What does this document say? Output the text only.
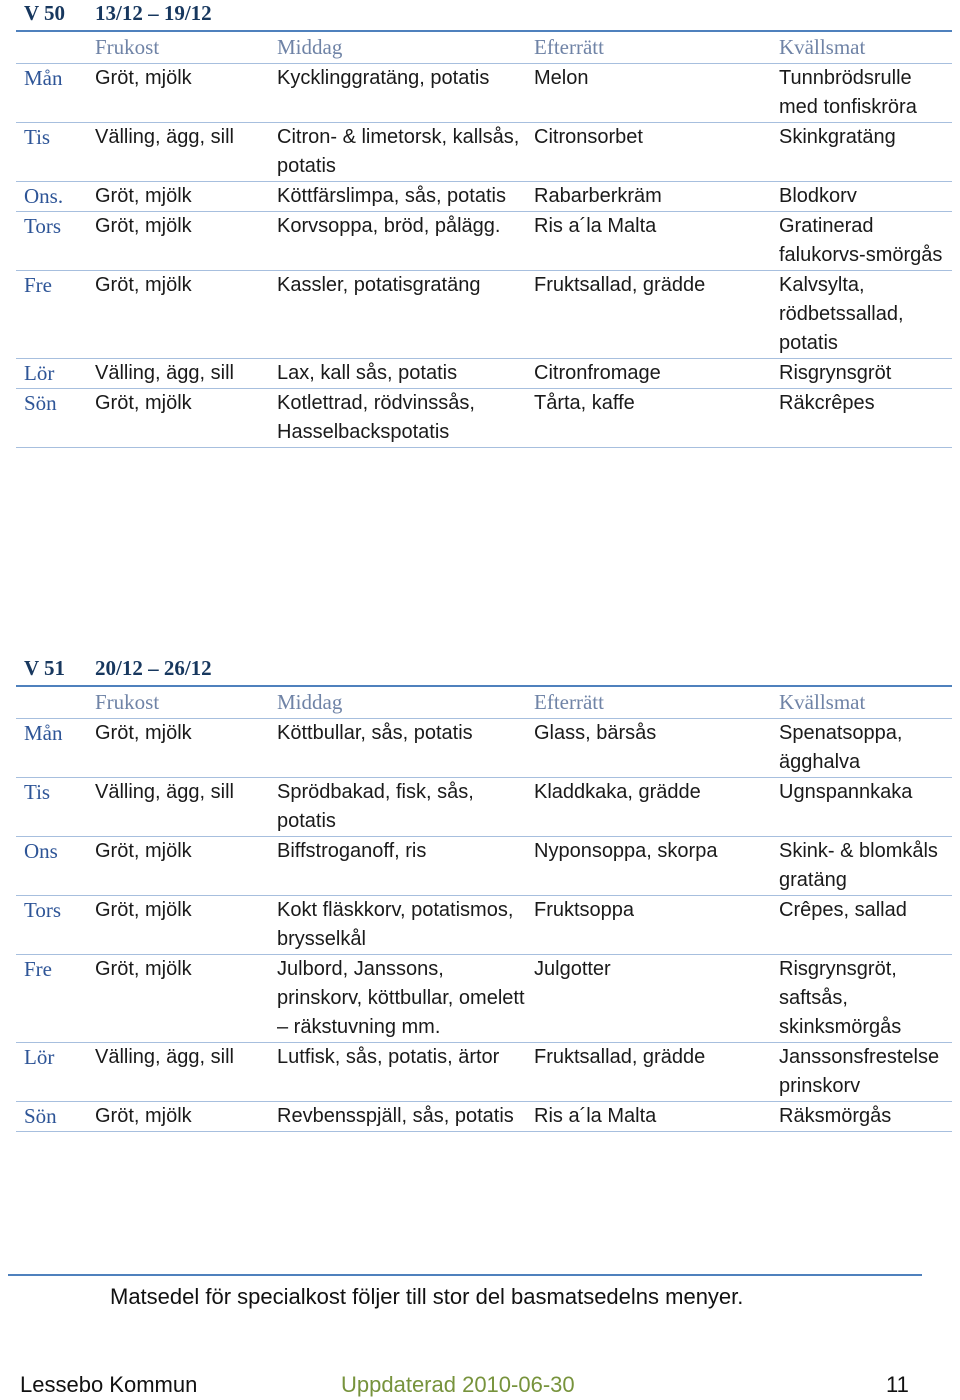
V 50 13/12 – 19/12
	Frukost	Middag	Efterrätt	Kvällsmat
Mån	Gröt, mjölk	Kycklinggratäng, potatis	Melon	Tunnbrödsrulle med tonfiskröra
Tis	Välling, ägg, sill	Citron- & limetorsk, kallsås, potatis	Citronsorbet	Skinkgratäng
Ons.	Gröt, mjölk	Köttfärslimpa, sås, potatis	Rabarberkräm	Blodkorv
Tors	Gröt, mjölk	Korvsoppa, bröd, pålägg.	Ris a´la Malta	Gratinerad falukorvs-smörgås
Fre	Gröt, mjölk	Kassler, potatisgratäng	Fruktsallad, grädde	Kalvsylta, rödbetssallad, potatis
Lör	Välling, ägg, sill	Lax, kall sås, potatis	Citronfromage	Risgrynsgröt
Sön	Gröt, mjölk	Kotlettrad, rödvinssås, Hasselbackspotatis	Tårta, kaffe	Räkcrêpes
V 51 20/12 – 26/12
	Frukost	Middag	Efterrätt	Kvällsmat
Mån	Gröt, mjölk	Köttbullar, sås, potatis	Glass, bärsås	Spenatsoppa, ägghalva
Tis	Välling, ägg, sill	Sprödbakad, fisk, sås, potatis	Kladdkaka, grädde	Ugnspannkaka
Ons	Gröt, mjölk	Biffstroganoff, ris	Nyponsoppa, skorpa	Skink- & blomkåls gratäng
Tors	Gröt, mjölk	Kokt fläskkorv, potatismos, brysselkål	Fruktsoppa	Crêpes, sallad
Fre	Gröt, mjölk	Julbord, Janssons, prinskorv, köttbullar, omelett – räkstuvning mm.	Julgotter	Risgrynsgröt, saftsås, skinksmörgås
Lör	Välling, ägg, sill	Lutfisk, sås, potatis, ärtor	Fruktsallad, grädde	Janssonsfrestelse prinskorv
Sön	Gröt, mjölk	Revbensspjäll, sås, potatis	Ris a´la Malta	Räksmörgås
Matsedel för specialkost följer till stor del basmatsedelns menyer.
Lessebo Kommun	Uppdaterad 2010-06-30	11
